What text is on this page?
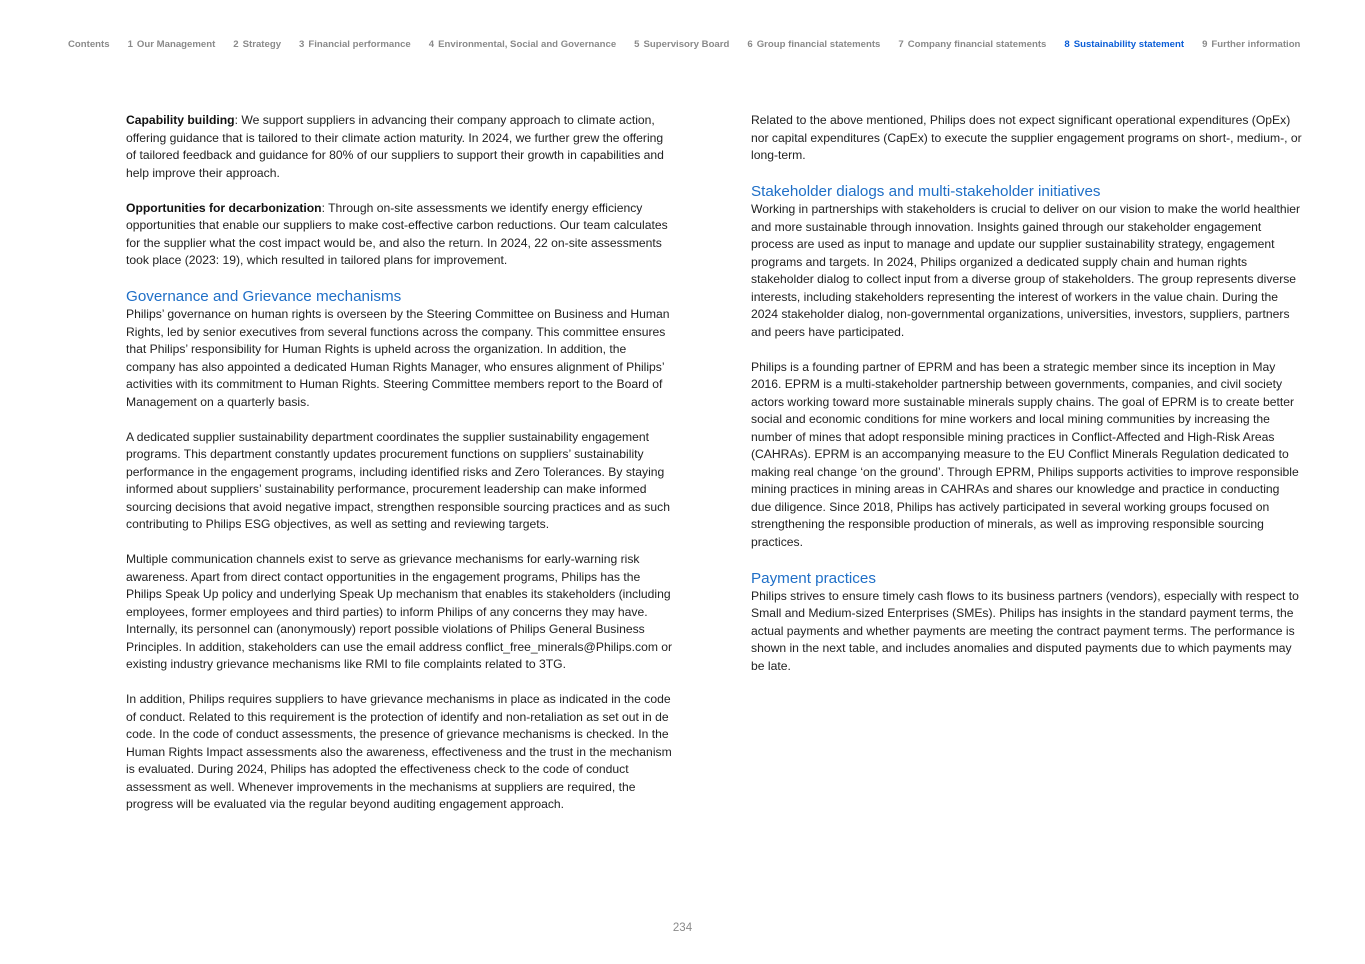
Contents 1 Our Management 2 Strategy 3 Financial performance 4 Environmental, Social and Governance 5 Supervisory Board 6 Group financial statements 7 Company financial statements 8 Sustainability statement 9 Further information

Capability building: We support suppliers in advancing their company approach to climate action, offering guidance that is tailored to their climate action maturity. In 2024, we further grew the offering of tailored feedback and guidance for 80% of our suppliers to support their growth in capabilities and help improve their approach.

Opportunities for decarbonization: Through on-site assessments we identify energy efficiency opportunities that enable our suppliers to make cost-effective carbon reductions. Our team calculates for the supplier what the cost impact would be, and also the return. In 2024, 22 on-site assessments took place (2023: 19), which resulted in tailored plans for improvement.

Governance and Grievance mechanisms

Philips’ governance on human rights is overseen by the Steering Committee on Business and Human Rights, led by senior executives from several functions across the company. This committee ensures that Philips’ responsibility for Human Rights is upheld across the organization. In addition, the company has also appointed a dedicated Human Rights Manager, who ensures alignment of Philips’ activities with its commitment to Human Rights. Steering Committee members report to the Board of Management on a quarterly basis.

A dedicated supplier sustainability department coordinates the supplier sustainability engagement programs. This department constantly updates procurement functions on suppliers’ sustainability performance in the engagement programs, including identified risks and Zero Tolerances. By staying informed about suppliers’ sustainability performance, procurement leadership can make informed sourcing decisions that avoid negative impact, strengthen responsible sourcing practices and as such contributing to Philips ESG objectives, as well as setting and reviewing targets.

Multiple communication channels exist to serve as grievance mechanisms for early-warning risk awareness. Apart from direct contact opportunities in the engagement programs, Philips has the Philips Speak Up policy and underlying Speak Up mechanism that enables its stakeholders (including employees, former employees and third parties) to inform Philips of any concerns they may have. Internally, its personnel can (anonymously) report possible violations of Philips General Business Principles. In addition, stakeholders can use the email address conflict_free_minerals@Philips.com or existing industry grievance mechanisms like RMI to file complaints related to 3TG.

In addition, Philips requires suppliers to have grievance mechanisms in place as indicated in the code of conduct. Related to this requirement is the protection of identify and non-retaliation as set out in de code. In the code of conduct assessments, the presence of grievance mechanisms is checked. In the Human Rights Impact assessments also the awareness, effectiveness and the trust in the mechanism is evaluated. During 2024, Philips has adopted the effectiveness check to the code of conduct assessment as well. Whenever improvements in the mechanisms at suppliers are required, the progress will be evaluated via the regular beyond auditing engagement approach.

Related to the above mentioned, Philips does not expect significant operational expenditures (OpEx) nor capital expenditures (CapEx) to execute the supplier engagement programs on short-, medium-, or long-term.

Stakeholder dialogs and multi-stakeholder initiatives

Working in partnerships with stakeholders is crucial to deliver on our vision to make the world healthier and more sustainable through innovation. Insights gained through our stakeholder engagement process are used as input to manage and update our supplier sustainability strategy, engagement programs and targets. In 2024, Philips organized a dedicated supply chain and human rights stakeholder dialog to collect input from a diverse group of stakeholders. The group represents diverse interests, including stakeholders representing the interest of workers in the value chain. During the 2024 stakeholder dialog, non-governmental organizations, universities, investors, suppliers, partners and peers have participated.

Philips is a founding partner of EPRM and has been a strategic member since its inception in May 2016. EPRM is a multi-stakeholder partnership between governments, companies, and civil society actors working toward more sustainable minerals supply chains. The goal of EPRM is to create better social and economic conditions for mine workers and local mining communities by increasing the number of mines that adopt responsible mining practices in Conflict-Affected and High-Risk Areas (CAHRAs). EPRM is an accompanying measure to the EU Conflict Minerals Regulation dedicated to making real change ‘on the ground’. Through EPRM, Philips supports activities to improve responsible mining practices in mining areas in CAHRAs and shares our knowledge and practice in conducting due diligence. Since 2018, Philips has actively participated in several working groups focused on strengthening the responsible production of minerals, as well as improving responsible sourcing practices.

Payment practices

Philips strives to ensure timely cash flows to its business partners (vendors), especially with respect to Small and Medium-sized Enterprises (SMEs). Philips has insights in the standard payment terms, the actual payments and whether payments are meeting the contract payment terms. The performance is shown in the next table, and includes anomalies and disputed payments due to which payments may be late.

234
